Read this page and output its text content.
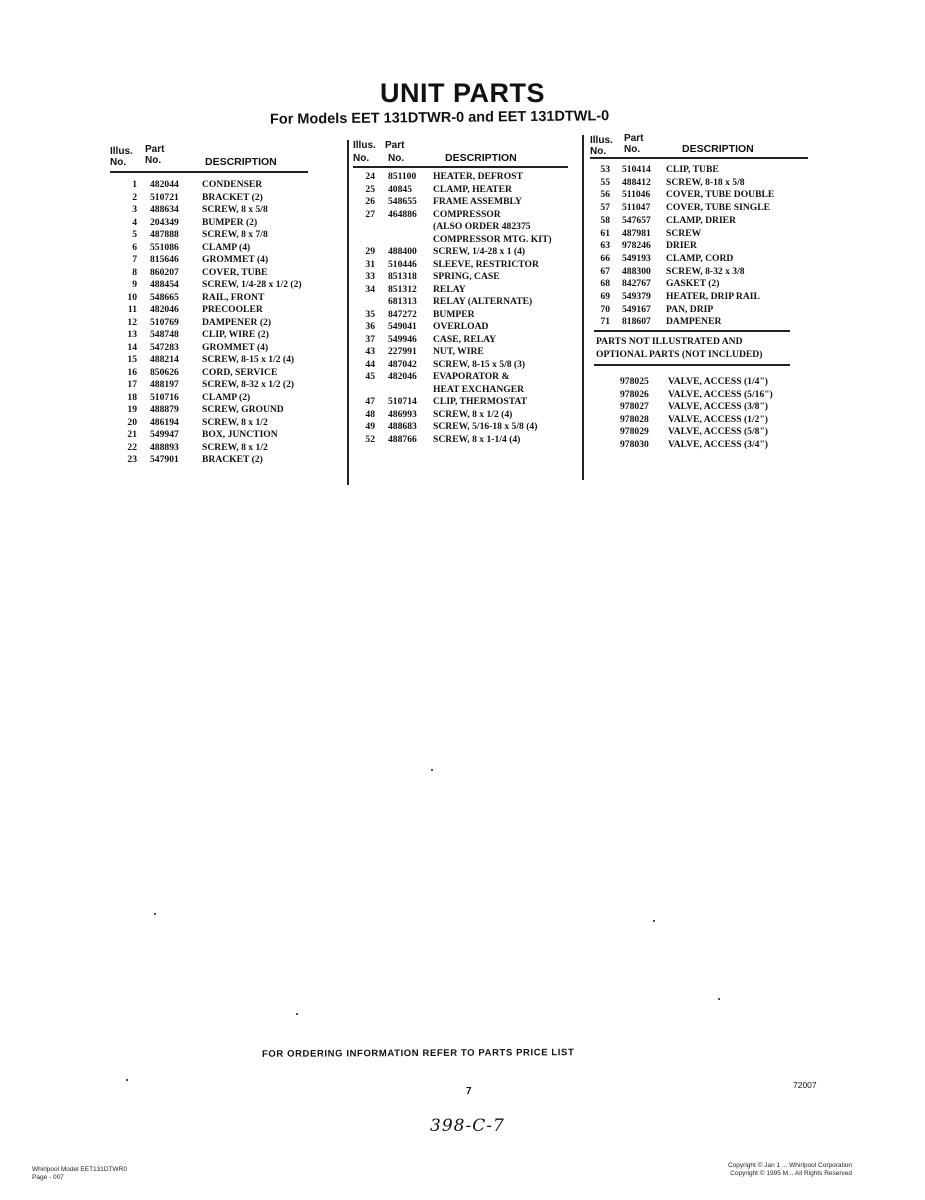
UNIT PARTS
For Models EET 131DTWR-0 and EET 131DTWL-0
Illus.
No.
Part
No.	DESCRIPTION
1 482044 CONDENSER
2 510721 BRACKET (2)
3 488634 SCREW, 8 x 5/8
4 204349 BUMPER (2)
5 487888 SCREW, 8 x 7/8
6 551086 CLAMP (4)
7 815646 GROMMET (4)
8 860207 COVER, TUBE
9 488454 SCREW, 1/4-28 x 1/2 (2)
10 548665 RAIL, FRONT
11 482046 PRECOOLER
12 510769 DAMPENER (2)
13 548748 CLIP, WIRE (2)
14 547283 GROMMET (4)
15 488214 SCREW, 8-15 x 1/2 (4)
16 850626 CORD, SERVICE
17 488197 SCREW, 8-32 x 1/2 (2)
18 510716 CLAMP (2)
19 488879 SCREW, GROUND
20 486194 SCREW, 8 x 1/2
21 549947 BOX, JUNCTION
22 488893 SCREW, 8 x 1/2
23 547901 BRACKET (2)
Illus. Part
No. No.	DESCRIPTION
24 851100 HEATER, DEFROST
25 40845 CLAMP, HEATER
26 548655 FRAME ASSEMBLY
27 464886 COMPRESSOR
(ALSO ORDER 482375
COMPRESSOR MTG. KIT)
29 488400 SCREW, 1/4-28 x 1 (4)
31 510446 SLEEVE, RESTRICTOR
33 851318 SPRING, CASE
34 851312 RELAY
681313 RELAY (ALTERNATE)
35 847272 BUMPER
36 549041 OVERLOAD
37 549946 CASE, RELAY
43 227991 NUT, WIRE
44 487042 SCREW, 8-15 x 5/8 (3)
45 482046 EVAPORATOR &
HEAT EXCHANGER
47 510714 CLIP, THERMOSTAT
48 486993 SCREW, 8 x 1/2 (4)
49 488683 SCREW, 5/16-18 x 5/8 (4)
52 488766 SCREW, 8 x 1-1/4 (4)
Illus.
No.
Part
No.	DESCRIPTION
53 510414 CLIP, TUBE
55 488412 SCREW, 8-18 x 5/8
56 511046 COVER, TUBE DOUBLE
57 511047 COVER, TUBE SINGLE
58 547657 CLAMP, DRIER
61 487981 SCREW
63 978246 DRIER
66 549193 CLAMP, CORD
67 488300 SCREW, 8-32 x 3/8
68 842767 GASKET (2)
69 549379 HEATER, DRIP RAIL
70 549167 PAN, DRIP
71 818607 DAMPENER
PARTS NOT ILLUSTRATED AND
OPTIONAL PARTS (NOT INCLUDED)
978025 VALVE, ACCESS (1/4")
978026 VALVE, ACCESS (5/16")
978027 VALVE, ACCESS (3/8")
978028 VALVE, ACCESS (1/2")
978029 VALVE, ACCESS (5/8")
978030 VALVE, ACCESS (3/4")
FOR ORDERING INFORMATION REFER TO PARTS PRICE LIST
7
72007
398-C-7
Whirlpool Model EET131DTWR0
Page - 007
Copyright © Jan 1 ... Whirlpool Corporation
Copyright © 1995 M... All Rights Reserved
